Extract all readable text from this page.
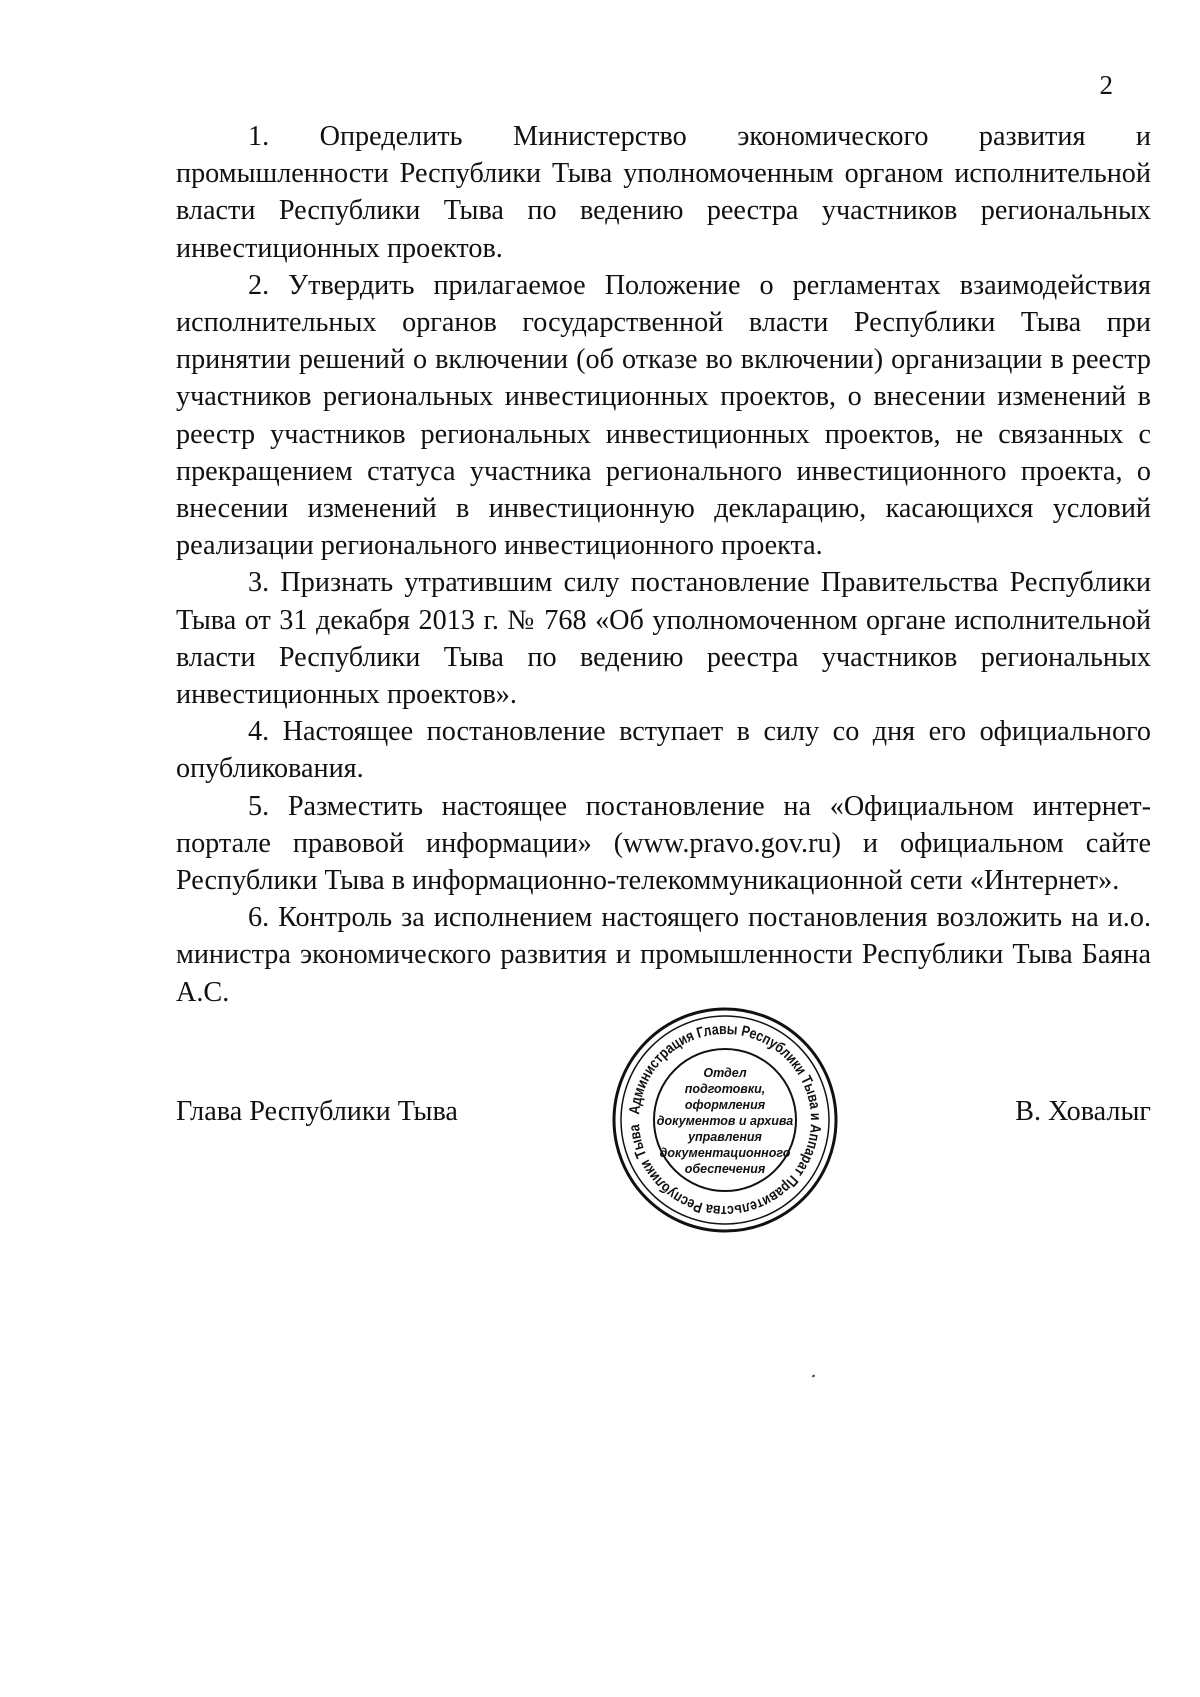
2

1. Определить Министерство экономического развития и промышленности Республики Тыва уполномоченным органом исполнительной власти Республики Тыва по ведению реестра участников региональных инвестиционных проектов.

2. Утвердить прилагаемое Положение о регламентах взаимодействия исполнительных органов государственной власти Республики Тыва при принятии решений о включении (об отказе во включении) организации в реестр участников региональных инвестиционных проектов, о внесении изменений в реестр участников региональных инвестиционных проектов, не связанных с прекращением статуса участника регионального инвестиционного проекта, о внесении изменений в инвестиционную декларацию, касающихся условий реализации регионального инвестиционного проекта.

3. Признать утратившим силу постановление Правительства Республики Тыва от 31 декабря 2013 г. № 768 «Об уполномоченном органе исполнительной власти Республики Тыва по ведению реестра участников региональных инвестиционных проектов».

4. Настоящее постановление вступает в силу со дня его официального опубликования.

5. Разместить настоящее постановление на «Официальном интернет-портале правовой информации» (www.pravo.gov.ru) и официальном сайте Республики Тыва в информационно-телекоммуникационной сети «Интернет».

6. Контроль за исполнением настоящего постановления возложить на и.о. министра экономического развития и промышленности Республики Тыва Баяна А.С.

Глава Республики Тыва	В. Ховалыг
Администрация Главы Республики Тыва и Аппарат Правительства Республики Тыва
Отдел
подготовки,
оформления
документов и архива
управления
документационного
обеспечения
